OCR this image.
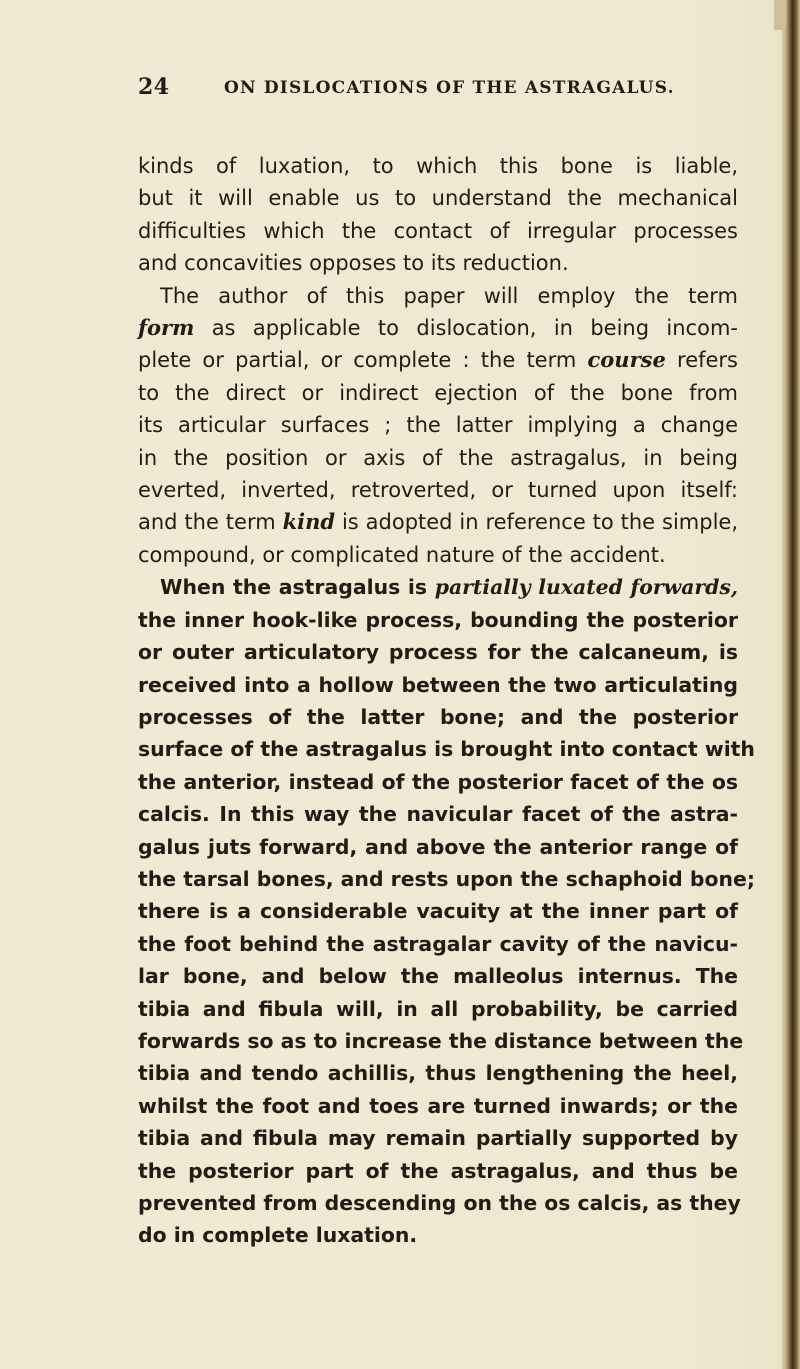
24	ON DISLOCATIONS OF THE ASTRAGALUS.
kinds of luxation, to which this bone is liable,
but it will enable us to understand the mechanical
difficulties which the contact of irregular processes
and concavities opposes to its reduction.
The author of this paper will employ the term
form as applicable to dislocation, in being incom-
plete or partial, or complete : the term course refers
to the direct or indirect ejection of the bone from
its articular surfaces ; the latter implying a change
in the position or axis of the astragalus, in being
everted, inverted, retroverted, or turned upon itself:
and the term kind is adopted in reference to the simple,
compound, or complicated nature of the accident.
When the astragalus is partially luxated forwards,
the inner hook-like process, bounding the posterior
or outer articulatory process for the calcaneum, is
received into a hollow between the two articulating
processes of the latter bone; and the posterior
surface of the astragalus is brought into contact with
the anterior, instead of the posterior facet of the os
calcis. In this way the navicular facet of the astra-
galus juts forward, and above the anterior range of
the tarsal bones, and rests upon the schaphoid bone;
there is a considerable vacuity at the inner part of
the foot behind the astragalar cavity of the navicu-
lar bone, and below the malleolus internus. The
tibia and fibula will, in all probability, be carried
forwards so as to increase the distance between the
tibia and tendo achillis, thus lengthening the heel,
whilst the foot and toes are turned inwards; or the
tibia and fibula may remain partially supported by
the posterior part of the astragalus, and thus be
prevented from descending on the os calcis, as they
do in complete luxation.
